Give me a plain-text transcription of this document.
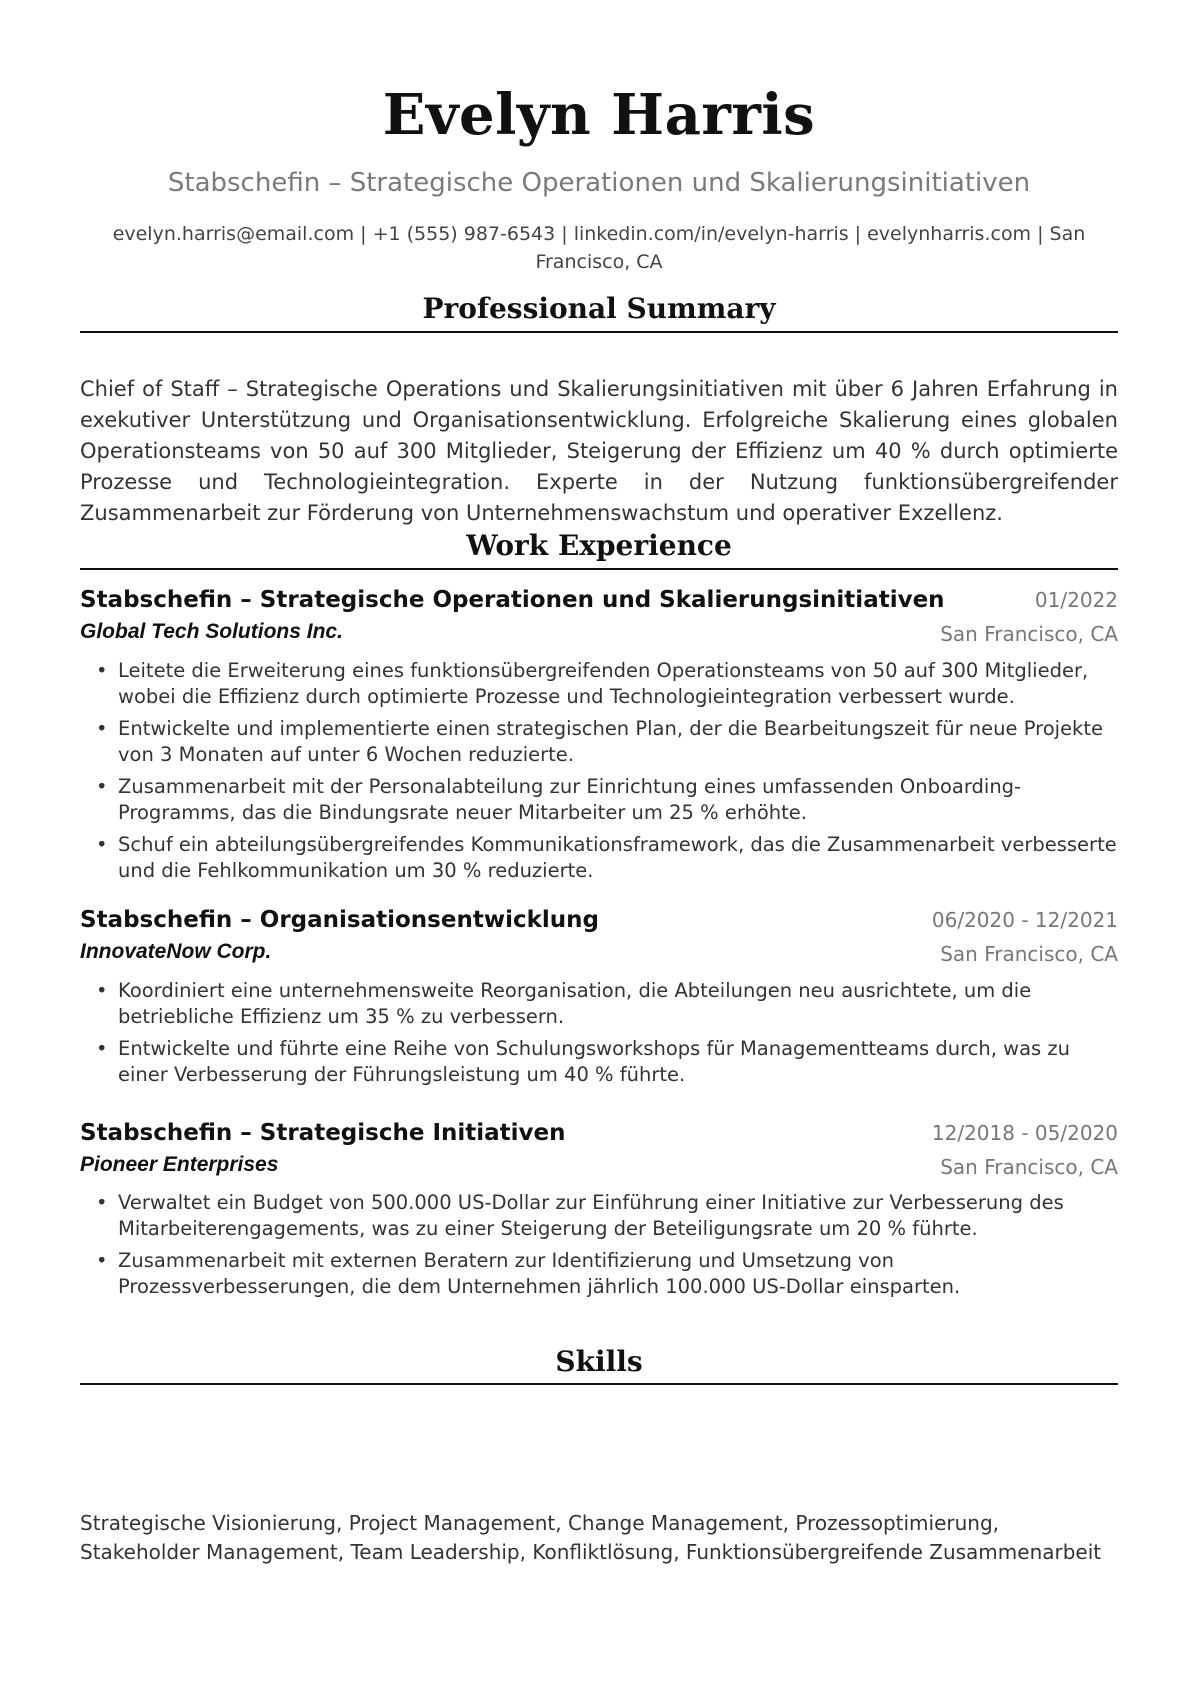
Evelyn Harris
Stabschefin – Strategische Operationen und Skalierungsinitiativen
evelyn.harris@email.com | +1 (555) 987-6543 | linkedin.com/in/evelyn-harris | evelynharris.com | San Francisco, CA
Professional Summary
Chief of Staff – Strategische Operations und Skalierungsinitiativen mit über 6 Jahren Erfahrung in exekutiver Unterstützung und Organisationsentwicklung. Erfolgreiche Skalierung eines globalen Operationsteams von 50 auf 300 Mitglieder, Steigerung der Effizienz um 40 % durch optimierte Prozesse und Technologieintegration. Experte in der Nutzung funktionsübergreifender Zusammenarbeit zur Förderung von Unternehmenswachstum und operativer Exzellenz.
Work Experience
Stabschefin – Strategische Operationen und Skalierungsinitiativen	01/2022
Global Tech Solutions Inc.	San Francisco, CA
• Leitete die Erweiterung eines funktionsübergreifenden Operationsteams von 50 auf 300 Mitglieder, wobei die Effizienz durch optimierte Prozesse und Technologieintegration verbessert wurde.
• Entwickelte und implementierte einen strategischen Plan, der die Bearbeitungszeit für neue Projekte von 3 Monaten auf unter 6 Wochen reduzierte.
• Zusammenarbeit mit der Personalabteilung zur Einrichtung eines umfassenden Onboarding-Programms, das die Bindungsrate neuer Mitarbeiter um 25 % erhöhte.
• Schuf ein abteilungsübergreifendes Kommunikationsframework, das die Zusammenarbeit verbesserte und die Fehlkommunikation um 30 % reduzierte.
Stabschefin – Organisationsentwicklung	06/2020 - 12/2021
InnovateNow Corp.	San Francisco, CA
• Koordiniert eine unternehmensweite Reorganisation, die Abteilungen neu ausrichtete, um die betriebliche Effizienz um 35 % zu verbessern.
• Entwickelte und führte eine Reihe von Schulungsworkshops für Managementteams durch, was zu einer Verbesserung der Führungsleistung um 40 % führte.
Stabschefin – Strategische Initiativen	12/2018 - 05/2020
Pioneer Enterprises	San Francisco, CA
• Verwaltet ein Budget von 500.000 US-Dollar zur Einführung einer Initiative zur Verbesserung des Mitarbeiterengagements, was zu einer Steigerung der Beteiligungsrate um 20 % führte.
• Zusammenarbeit mit externen Beratern zur Identifizierung und Umsetzung von Prozessverbesserungen, die dem Unternehmen jährlich 100.000 US-Dollar einsparten.
Skills
Strategische Visionierung, Project Management, Change Management, Prozessoptimierung, Stakeholder Management, Team Leadership, Konfliktlösung, Funktionsübergreifende Zusammenarbeit
